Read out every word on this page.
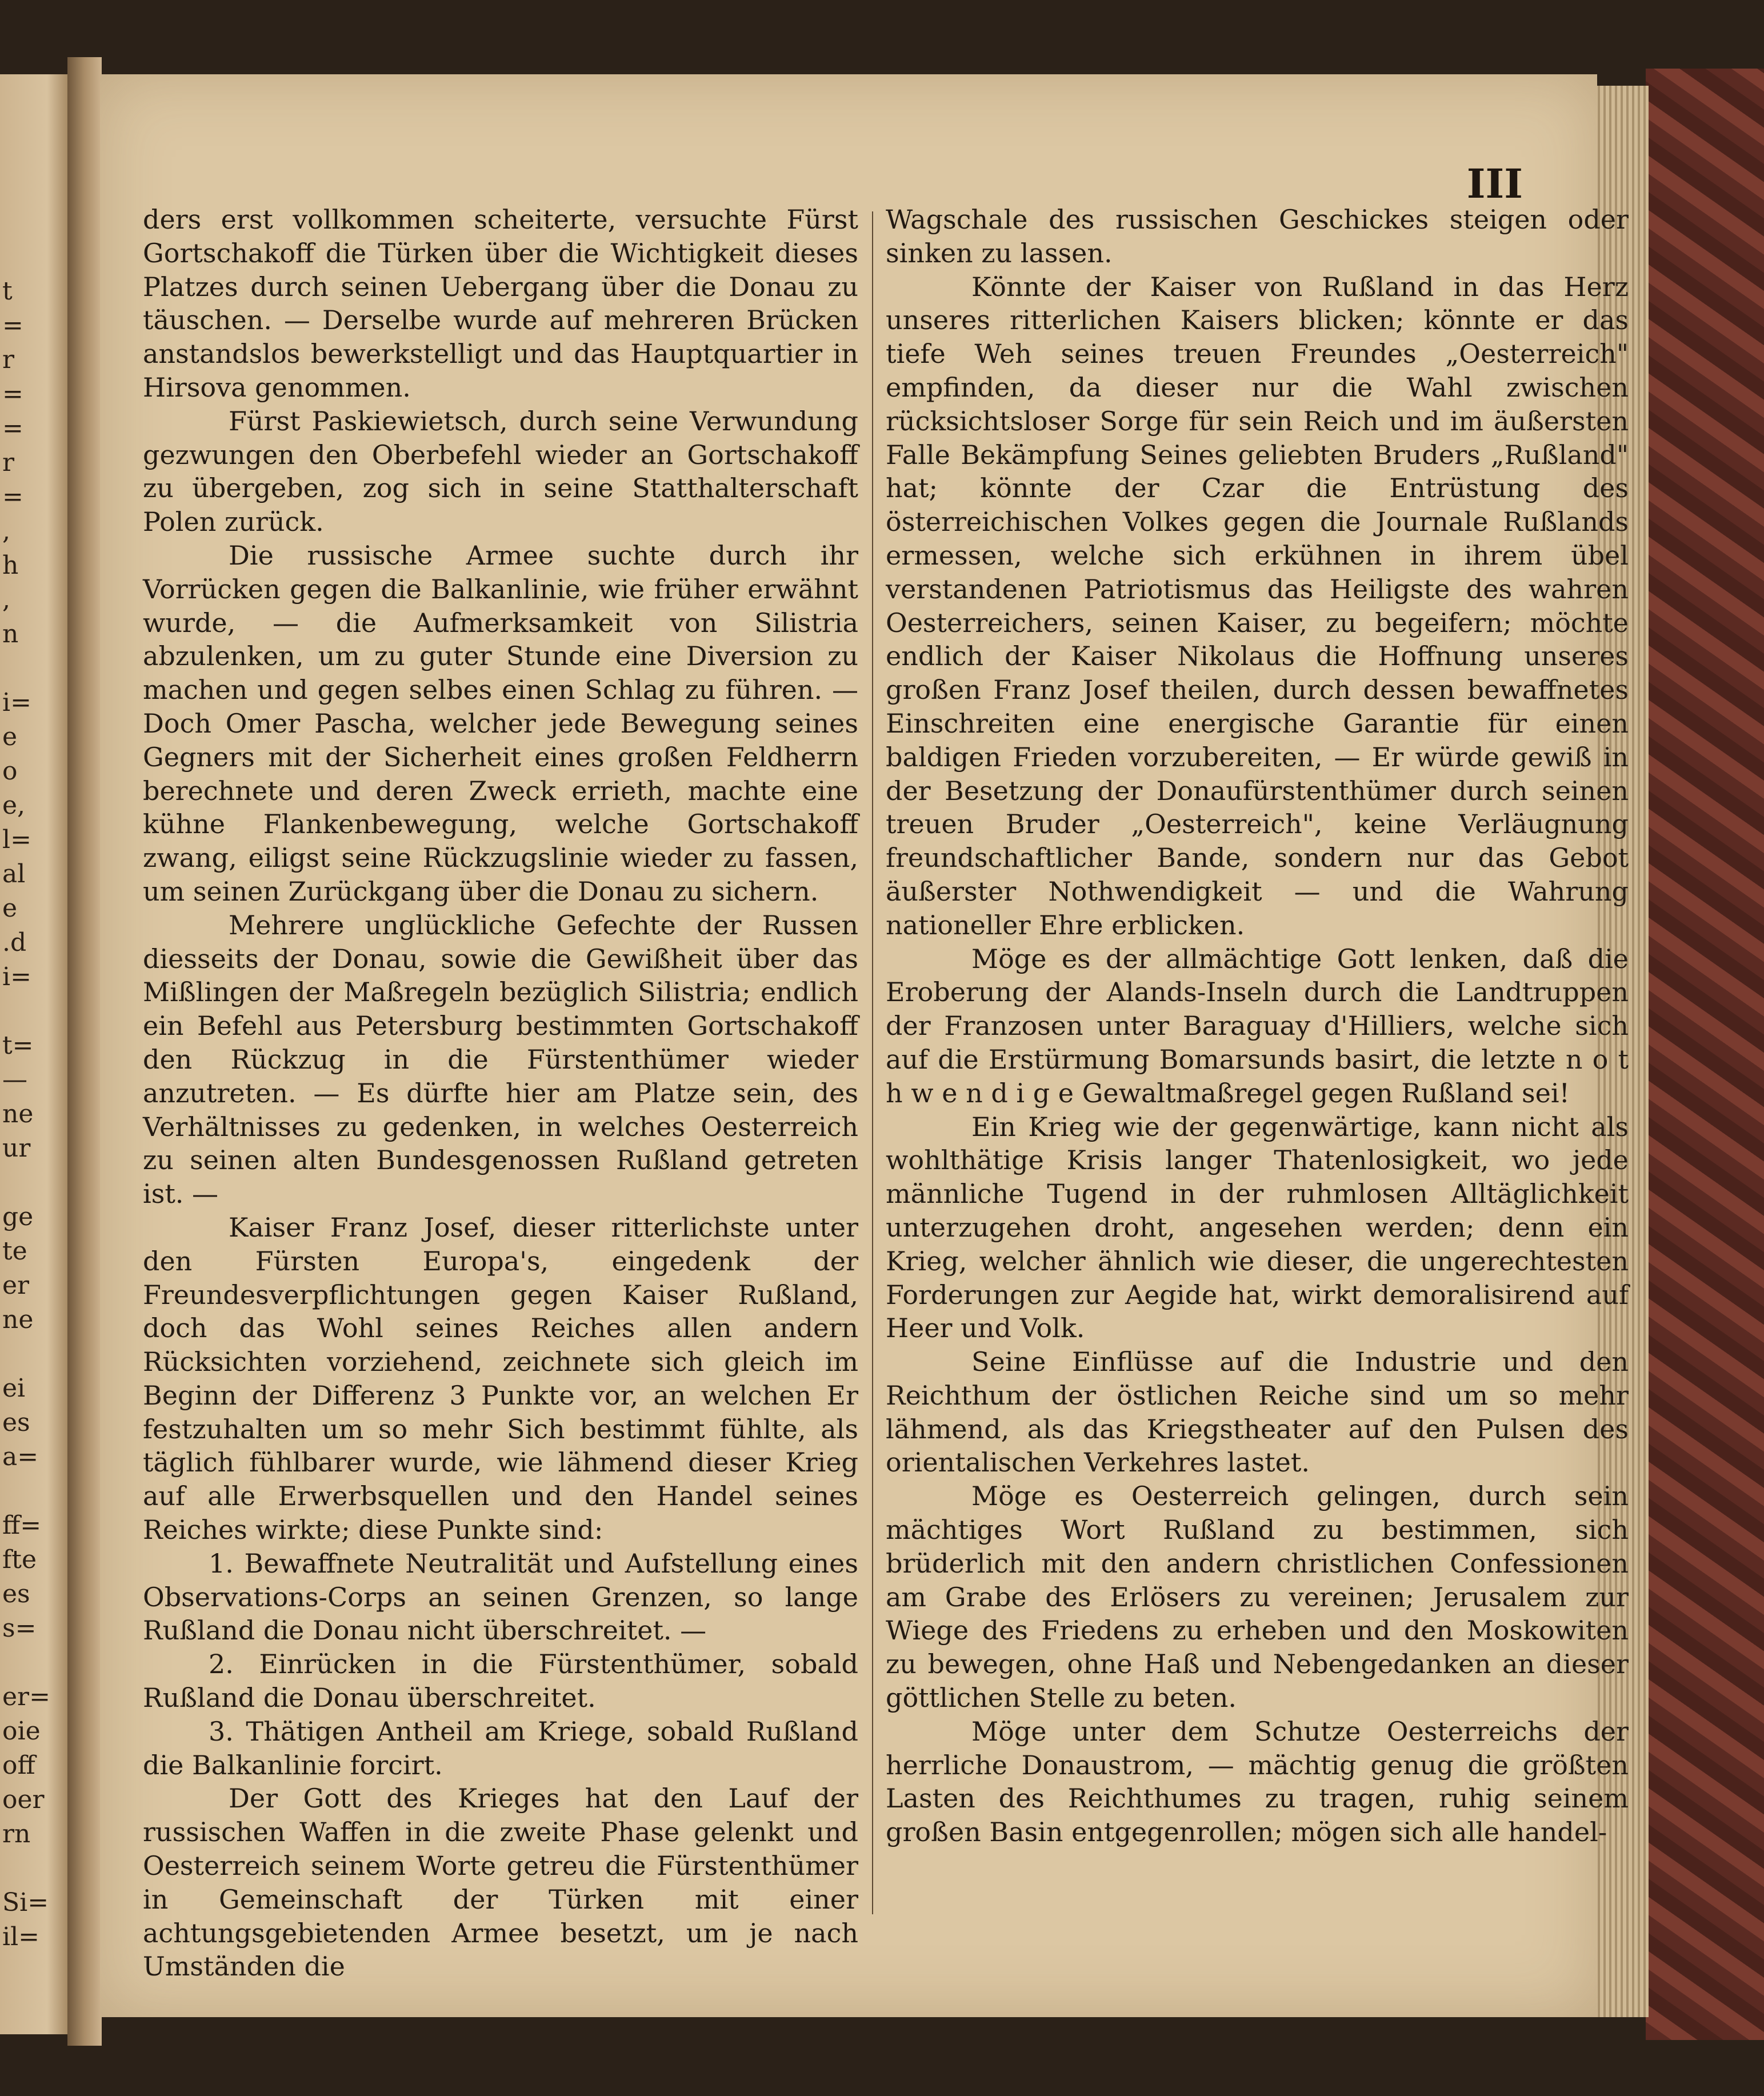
t
=
r
=
=
r
=
,
h
,
n
i=
e
o
e,
l=
al
e
.d
i=
t=
—
ne
ur
ge
te
er
ne
ei
es
a=
ff=
fte
es
s=
er=
oie
off
oer
rn
Si=
il=
III

ders erst vollkommen scheiterte, versuchte Fürst Gortschakoff die Türken über die Wichtigkeit dieses Platzes durch seinen Uebergang über die Donau zu täuschen. — Derselbe wurde auf mehreren Brücken anstandslos bewerkstelligt und das Hauptquartier in Hirsova genommen.

Fürst Paskiewietsch, durch seine Verwundung gezwungen den Oberbefehl wieder an Gortschakoff zu übergeben, zog sich in seine Statthalterschaft Polen zurück.

Die russische Armee suchte durch ihr Vorrücken gegen die Balkanlinie, wie früher erwähnt wurde, — die Aufmerksamkeit von Silistria abzulenken, um zu guter Stunde eine Diversion zu machen und gegen selbes einen Schlag zu führen. — Doch Omer Pascha, welcher jede Bewegung seines Gegners mit der Sicherheit eines großen Feldherrn berechnete und deren Zweck errieth, machte eine kühne Flankenbewegung, welche Gortschakoff zwang, eiligst seine Rückzugslinie wieder zu fassen, um seinen Zurückgang über die Donau zu sichern.

Mehrere unglückliche Gefechte der Russen diesseits der Donau, sowie die Gewißheit über das Mißlingen der Maßregeln bezüglich Silistria; endlich ein Befehl aus Petersburg bestimmten Gortschakoff den Rückzug in die Fürstenthümer wieder anzutreten. — Es dürfte hier am Platze sein, des Verhältnisses zu gedenken, in welches Oesterreich zu seinen alten Bundesgenossen Rußland getreten ist. —

Kaiser Franz Josef, dieser ritterlichste unter den Fürsten Europa's, eingedenk der Freundesverpflichtungen gegen Kaiser Rußland, doch das Wohl seines Reiches allen andern Rücksichten vorziehend, zeichnete sich gleich im Beginn der Differenz 3 Punkte vor, an welchen Er festzuhalten um so mehr Sich bestimmt fühlte, als täglich fühlbarer wurde, wie lähmend dieser Krieg auf alle Erwerbsquellen und den Handel seines Reiches wirkte; diese Punkte sind:

1. Bewaffnete Neutralität und Aufstellung eines Observations-Corps an seinen Grenzen, so lange Rußland die Donau nicht überschreitet. —

2. Einrücken in die Fürstenthümer, sobald Rußland die Donau überschreitet.

3. Thätigen Antheil am Kriege, sobald Rußland die Balkanlinie forcirt.

Der Gott des Krieges hat den Lauf der russischen Waffen in die zweite Phase gelenkt und Oesterreich seinem Worte getreu die Fürstenthümer in Gemeinschaft der Türken mit einer achtungsgebietenden Armee besetzt, um je nach Umständen die

Wagschale des russischen Geschickes steigen oder sinken zu lassen.

Könnte der Kaiser von Rußland in das Herz unseres ritterlichen Kaisers blicken; könnte er das tiefe Weh seines treuen Freundes „Oesterreich" empfinden, da dieser nur die Wahl zwischen rücksichtsloser Sorge für sein Reich und im äußersten Falle Bekämpfung Seines geliebten Bruders „Rußland" hat; könnte der Czar die Entrüstung des österreichischen Volkes gegen die Journale Rußlands ermessen, welche sich erkühnen in ihrem übel verstandenen Patriotismus das Heiligste des wahren Oesterreichers, seinen Kaiser, zu begeifern; möchte endlich der Kaiser Nikolaus die Hoffnung unseres großen Franz Josef theilen, durch dessen bewaffnetes Einschreiten eine energische Garantie für einen baldigen Frieden vorzubereiten, — Er würde gewiß in der Besetzung der Donaufürstenthümer durch seinen treuen Bruder „Oesterreich", keine Verläugnung freundschaftlicher Bande, sondern nur das Gebot äußerster Nothwendigkeit — und die Wahrung nationeller Ehre erblicken.

Möge es der allmächtige Gott lenken, daß die Eroberung der Alands-Inseln durch die Landtruppen der Franzosen unter Baraguay d'Hilliers, welche sich auf die Erstürmung Bomarsunds basirt, die letzte n o t h w e n d i g e Gewaltmaßregel gegen Rußland sei!

Ein Krieg wie der gegenwärtige, kann nicht als wohlthätige Krisis langer Thatenlosigkeit, wo jede männliche Tugend in der ruhmlosen Alltäglichkeit unterzugehen droht, angesehen werden; denn ein Krieg, welcher ähnlich wie dieser, die ungerechtesten Forderungen zur Aegide hat, wirkt demoralisirend auf Heer und Volk.

Seine Einflüsse auf die Industrie und den Reichthum der östlichen Reiche sind um so mehr lähmend, als das Kriegstheater auf den Pulsen des orientalischen Verkehres lastet.

Möge es Oesterreich gelingen, durch sein mächtiges Wort Rußland zu bestimmen, sich brüderlich mit den andern christlichen Confessionen am Grabe des Erlösers zu vereinen; Jerusalem zur Wiege des Friedens zu erheben und den Moskowiten zu bewegen, ohne Haß und Nebengedanken an dieser göttlichen Stelle zu beten.

Möge unter dem Schutze Oesterreichs der herrliche Donaustrom, — mächtig genug die größten Lasten des Reichthumes zu tragen, ruhig seinem großen Basin entgegenrollen; mögen sich alle handel-
